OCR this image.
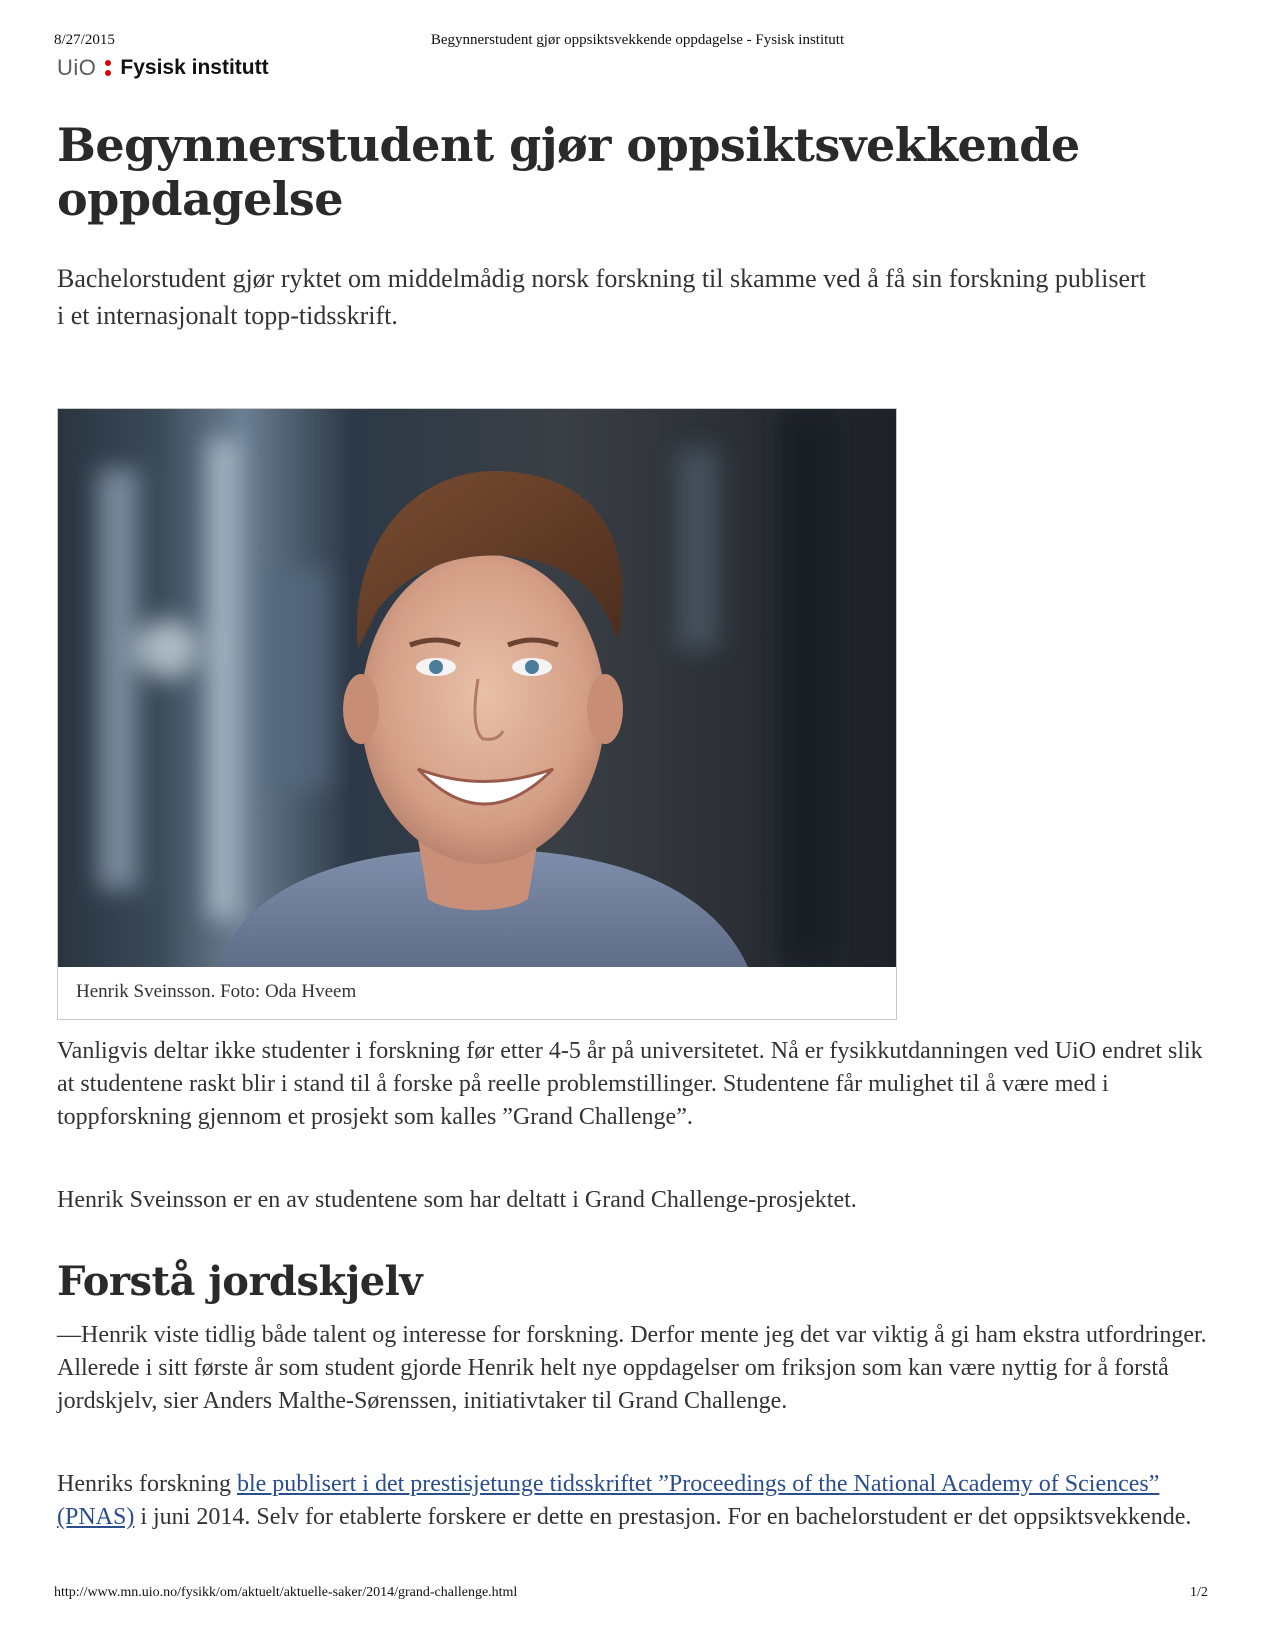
8/27/2015	Begynnerstudent gjør oppsiktsvekkende oppdagelse - Fysisk institutt
UiO Fysisk institutt
Begynnerstudent gjør oppsiktsvekkende oppdagelse

Bachelorstudent gjør ryktet om middelmådig norsk forskning til skamme ved å få sin forskning publisert i et internasjonalt topp-tidsskrift.

Henrik Sveinsson. Foto: Oda Hveem

Vanligvis deltar ikke studenter i forskning før etter 4-5 år på universitetet. Nå er fysikkutdanningen ved UiO endret slik at studentene raskt blir i stand til å forske på reelle problemstillinger. Studentene får mulighet til å være med i toppforskning gjennom et prosjekt som kalles ”Grand Challenge”.

Henrik Sveinsson er en av studentene som har deltatt i Grand Challenge-prosjektet.

Forstå jordskjelv

—Henrik viste tidlig både talent og interesse for forskning. Derfor mente jeg det var viktig å gi ham ekstra utfordringer. Allerede i sitt første år som student gjorde Henrik helt nye oppdagelser om friksjon som kan være nyttig for å forstå jordskjelv, sier Anders Malthe-Sørenssen, initiativtaker til Grand Challenge.

Henriks forskning ble publisert i det prestisjetunge tidsskriftet ”Proceedings of the National Academy of Sciences” (PNAS) i juni 2014. Selv for etablerte forskere er dette en prestasjon. For en bachelorstudent er det oppsiktsvekkende.

http://www.mn.uio.no/fysikk/om/aktuelt/aktuelle-saker/2014/grand-challenge.html	1/2
